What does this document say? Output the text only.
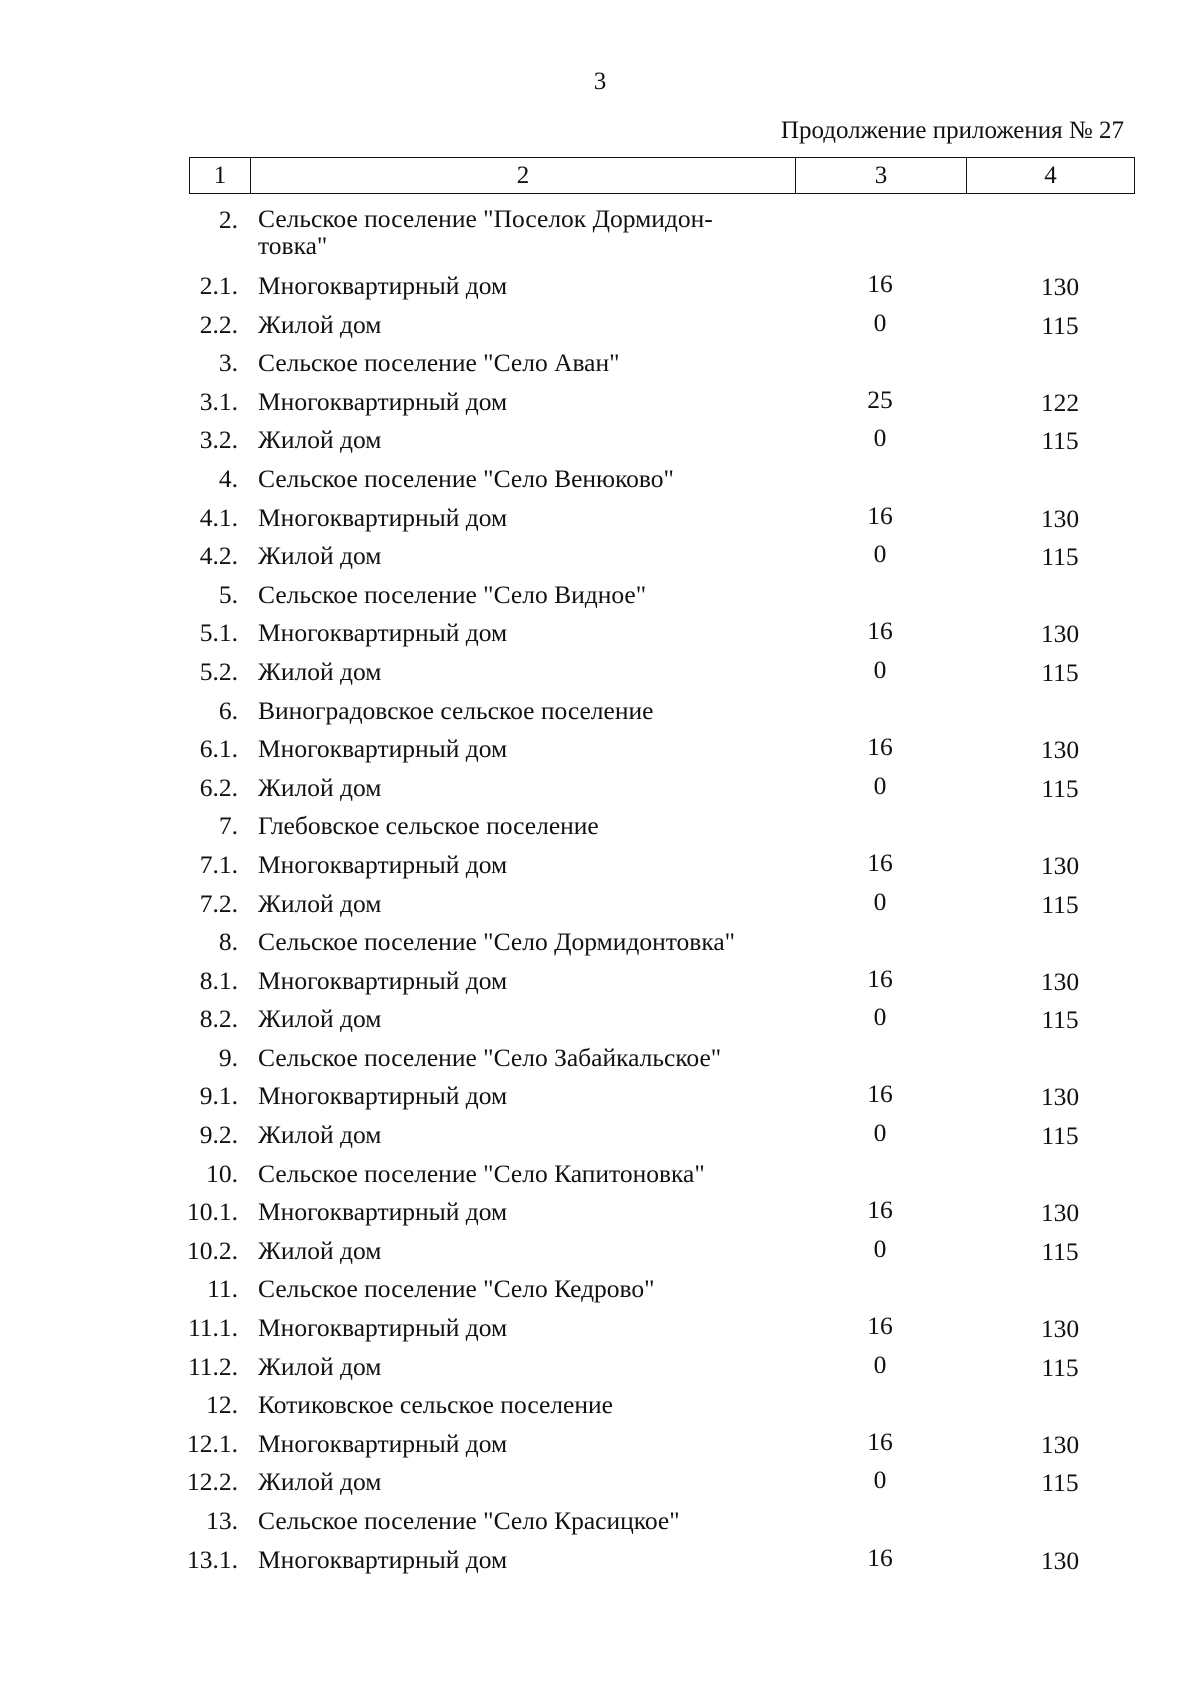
3
Продолжение приложения № 27
1	2	3	4
2. Сельское поселение "Поселок Дормидон-товка"
2.1. Многоквартирный дом	16	130
2.2. Жилой дом	0	115
3. Сельское поселение "Село Аван"
3.1. Многоквартирный дом	25	122
3.2. Жилой дом	0	115
4. Сельское поселение "Село Венюково"
4.1. Многоквартирный дом	16	130
4.2. Жилой дом	0	115
5. Сельское поселение "Село Видное"
5.1. Многоквартирный дом	16	130
5.2. Жилой дом	0	115
6. Виноградовское сельское поселение
6.1. Многоквартирный дом	16	130
6.2. Жилой дом	0	115
7. Глебовское сельское поселение
7.1. Многоквартирный дом	16	130
7.2. Жилой дом	0	115
8. Сельское поселение "Село Дормидонтовка"
8.1. Многоквартирный дом	16	130
8.2. Жилой дом	0	115
9. Сельское поселение "Село Забайкальское"
9.1. Многоквартирный дом	16	130
9.2. Жилой дом	0	115
10. Сельское поселение "Село Капитоновка"
10.1. Многоквартирный дом	16	130
10.2. Жилой дом	0	115
11. Сельское поселение "Село Кедрово"
11.1. Многоквартирный дом	16	130
11.2. Жилой дом	0	115
12. Котиковское сельское поселение
12.1. Многоквартирный дом	16	130
12.2. Жилой дом	0	115
13. Сельское поселение "Село Красицкое"
13.1. Многоквартирный дом	16	130
